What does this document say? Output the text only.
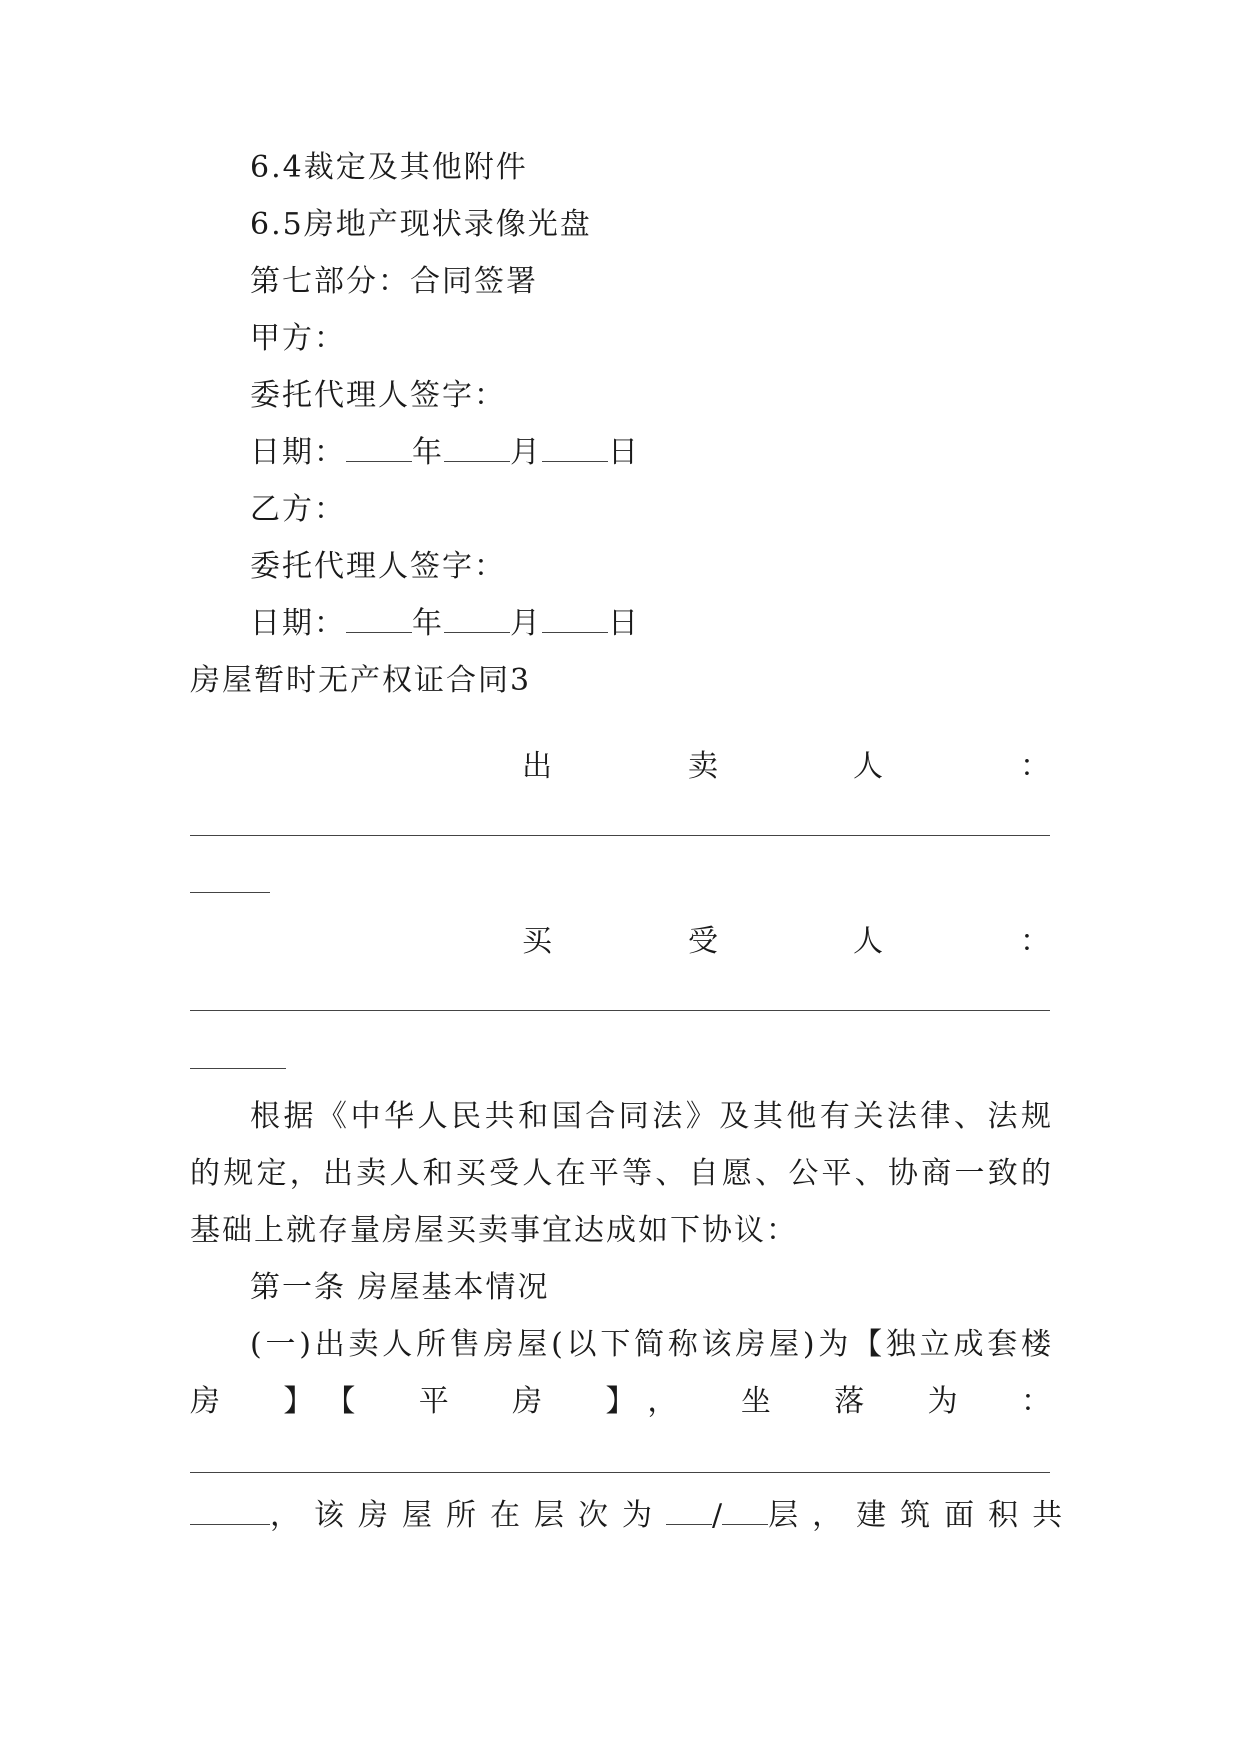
6.4裁定及其他附件
6.5房地产现状录像光盘
第七部分：合同签署
甲方：
委托代理人签字：
日期： 年 月 日
乙方：
委托代理人签字：
日期： 年 月 日
房屋暂时无产权证合同3
出	卖	人	：
买	受	人	：
根据《中华人民共和国合同法》及其他有关法律、法规
的规定，出卖人和买受人在平等、自愿、公平、协商一致的
基础上就存量房屋买卖事宜达成如下协议：
第一条 房屋基本情况
(一)出卖人所售房屋(以下简称该房屋)为【独立成套楼
房 】【 平 房 】， 坐 落 为 ：
，该房屋所在层次为 / 层，建筑面积共
